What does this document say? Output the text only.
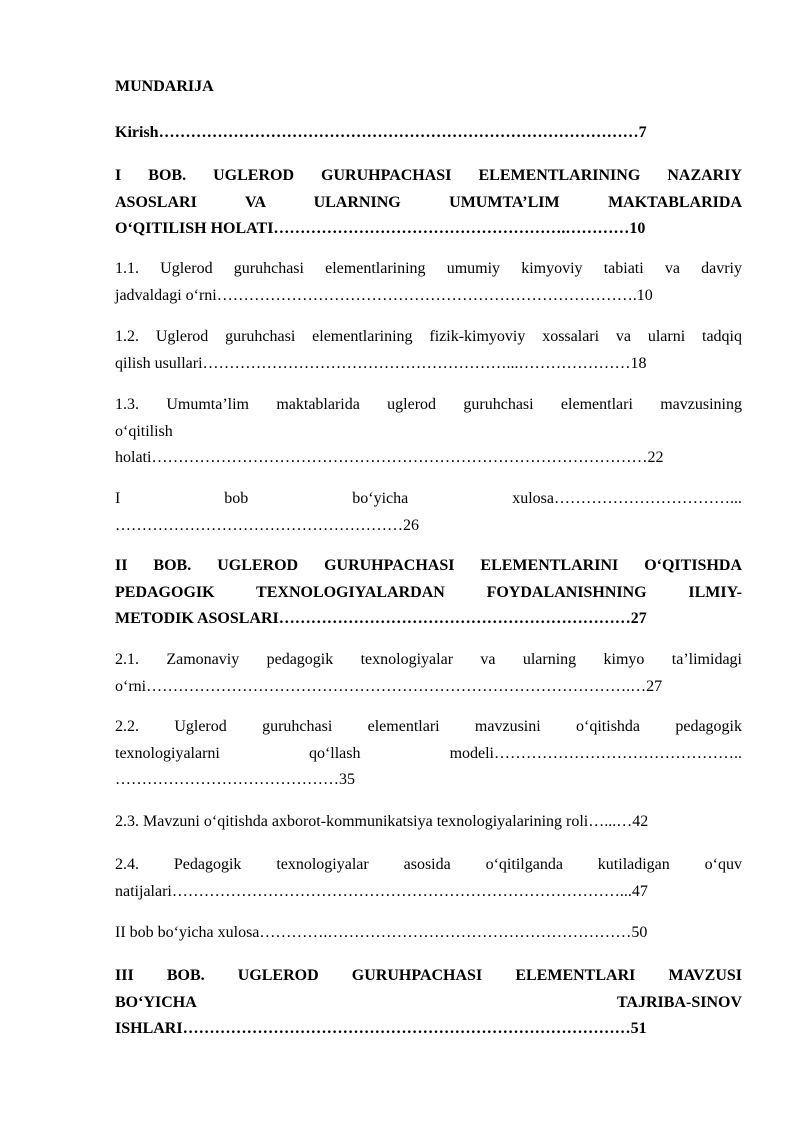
MUNDARIJA
Kirish………………………………………………………………………………7
I BOB. UGLEROD GURUHPACHASI ELEMENTLARINING NAZARIY
ASOSLARI VA ULARNING UMUMTA’LIM MAKTABLARIDA
O‘QITILISH HOLATI……………………………………………….…………10
1.1. Uglerod guruhchasi elementlarining umumiy kimyoviy tabiati va davriy
jadvaldagi o‘rni…………………………………………………………………….10
1.2. Uglerod guruhchasi elementlarining fizik-kimyoviy xossalari va ularni tadqiq
qilish usullari…………………………………………………...…………………18
1.3. Umumta’lim maktablarida uglerod guruhchasi elementlari mavzusining
o‘qitilish
holati…………………………………………………………………………………22
I bob bo‘yicha xulosa……………………………...
………………………………………………26
II BOB. UGLEROD GURUHPACHASI ELEMENTLARINI O‘QITISHDA
PEDAGOGIK TEXNOLOGIYALARDAN FOYDALANISHNING ILMIY-
METODIK ASOSLARI…………………………………………………………27
2.1. Zamonaviy pedagogik texnologiyalar va ularning kimyo ta’limidagi
o‘rni……………………………………………………………………………….…27
2.2. Uglerod guruhchasi elementlari mavzusini o‘qitishda pedagogik
texnologiyalarni qo‘llash modeli………………………………………..
……………………………………35
2.3. Mavzuni o‘qitishda axborot-kommunikatsiya texnologiyalarining roli…...…42
2.4. Pedagogik texnologiyalar asosida o‘qitilganda kutiladigan o‘quv
natijalari…………………………………………………………………………...47
II bob bo‘yicha xulosa………….…………………………………………………50
III BOB. UGLEROD GURUHPACHASI ELEMENTLARI MAVZUSI
BO‘YICHA TAJRIBA-SINOV
ISHLARI…………………………………………………………………………51
